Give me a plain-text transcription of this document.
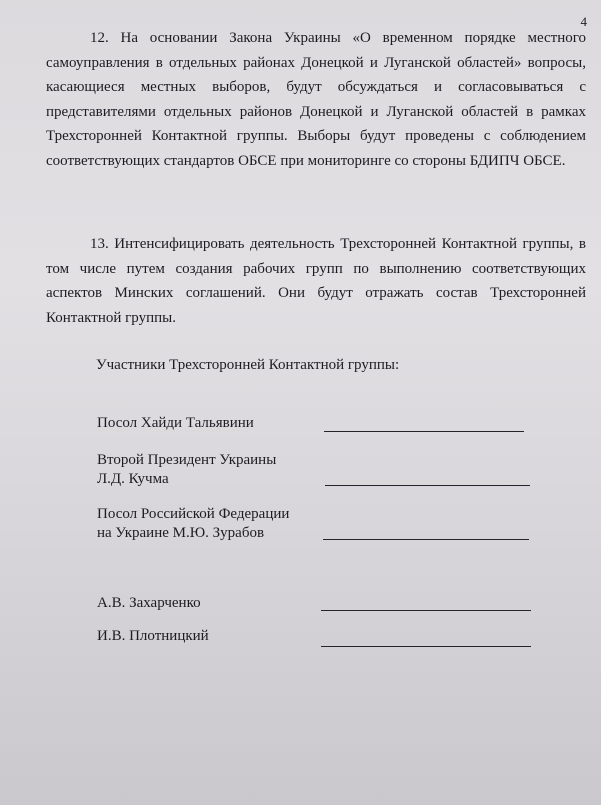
4

12. На основании Закона Украины «О временном порядке местного самоуправления в отдельных районах Донецкой и Луганской областей» вопросы, касающиеся местных выборов, будут обсуждаться и согласовываться с представителями отдельных районов Донецкой и Луганской областей в рамках Трехсторонней Контактной группы. Выборы будут проведены с соблюдением соответствующих стандартов ОБСЕ при мониторинге со стороны БДИПЧ ОБСЕ.

13. Интенсифицировать деятельность Трехсторонней Контактной группы, в том числе путем создания рабочих групп по выполнению соответствующих аспектов Минских соглашений. Они будут отражать состав Трехсторонней Контактной группы.

Участники Трехсторонней Контактной группы:

Посол Хайди Тальявини
Второй Президент Украины
Л.Д. Кучма
Посол Российской Федерации
на Украине М.Ю. Зурабов
А.В. Захарченко
И.В. Плотницкий
